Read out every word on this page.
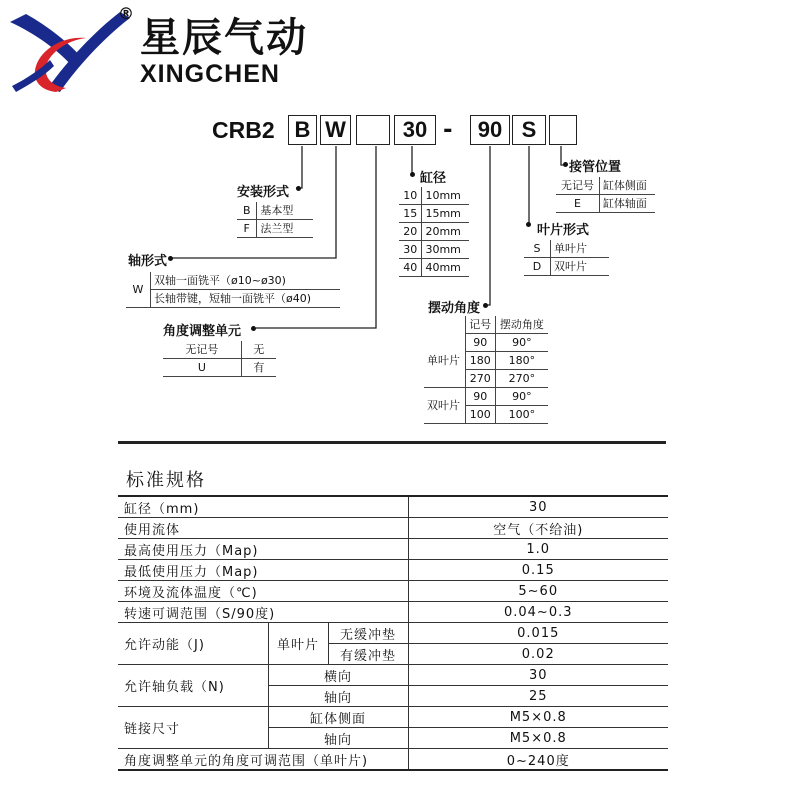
®
星辰气动
XINGCHEN
CRB2 B W	30 -	90 S
安装形式
B	基本型
F	法兰型
轴形式
W	双轴一面铣平（ø10~ø30)
长轴带键，短轴一面铣平（ø40)
角度调整单元
无记号	无
U	有
缸径
10	10mm
15	15mm
20	20mm
30	30mm
40	40mm
接管位置
无记号	缸体侧面
E	缸体轴面
叶片形式
S	单叶片
D	双叶片
摆动角度
	记号	摆动角度
单叶片	90	90°
	180	180°
	270	270°
双叶片	90	90°
	100	100°
标准规格
缸径（mm)			30
使用流体			空气（不给油)
最高使用压力（Map)			1.0
最低使用压力（Map)			0.15
环境及流体温度（℃)			5~60
转速可调范围（S/90度)			0.04~0.3
允许动能（J)	单叶片	无缓冲垫	0.015
		有缓冲垫	0.02
允许轴负载（N)	横向		30
	轴向		25
链接尺寸	缸体侧面		M5×0.8
	轴向		M5×0.8
角度调整单元的角度可调范围（单叶片)			0~240度
